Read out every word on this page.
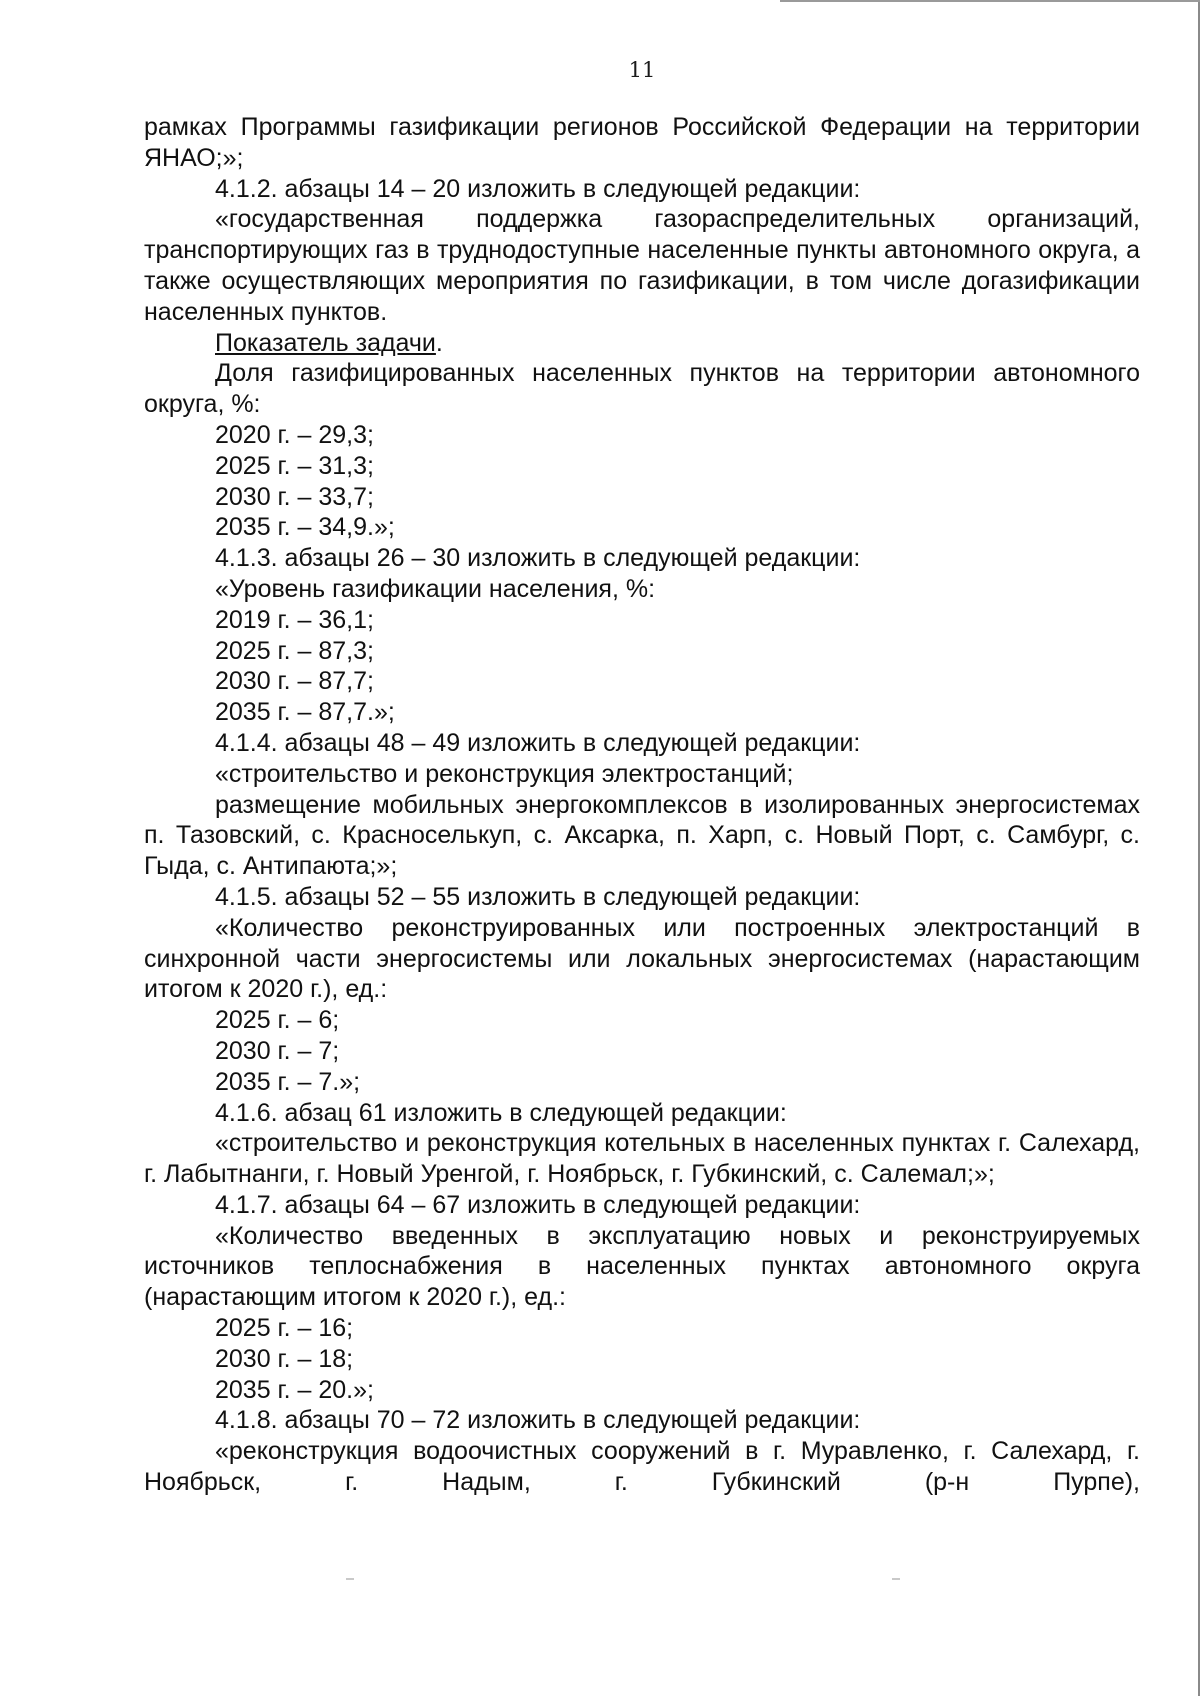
11

рамках Программы газификации регионов Российской Федерации на территории ЯНАО;»;

4.1.2. абзацы 14 – 20 изложить в следующей редакции:

«государственная поддержка газораспределительных организаций, транспортирующих газ в труднодоступные населенные пункты автономного округа, а также осуществляющих мероприятия по газификации, в том числе догазификации населенных пунктов.

Показатель задачи.

Доля газифицированных населенных пунктов на территории автономного округа, %:

2020 г. – 29,3;

2025 г. – 31,3;

2030 г. – 33,7;

2035 г. – 34,9.»;

4.1.3. абзацы 26 – 30 изложить в следующей редакции:

«Уровень газификации населения, %:

2019 г. – 36,1;

2025 г. – 87,3;

2030 г. – 87,7;

2035 г. – 87,7.»;

4.1.4. абзацы 48 – 49 изложить в следующей редакции:

«строительство и реконструкция электростанций;

размещение мобильных энергокомплексов в изолированных энергосистемах п. Тазовский, с. Красноселькуп, с. Аксарка, п. Харп, с. Новый Порт, с. Самбург, с. Гыда, с. Антипаюта;»;

4.1.5. абзацы 52 – 55 изложить в следующей редакции:

«Количество реконструированных или построенных электростанций в синхронной части энергосистемы или локальных энергосистемах (нарастающим итогом к 2020 г.), ед.:

2025 г. – 6;

2030 г. – 7;

2035 г. – 7.»;

4.1.6. абзац 61 изложить в следующей редакции:

«строительство и реконструкция котельных в населенных пунктах г. Салехард, г. Лабытнанги, г. Новый Уренгой, г. Ноябрьск, г. Губкинский, с. Салемал;»;

4.1.7. абзацы 64 – 67 изложить в следующей редакции:

«Количество введенных в эксплуатацию новых и реконструируемых источников теплоснабжения в населенных пунктах автономного округа (нарастающим итогом к 2020 г.), ед.:

2025 г. – 16;

2030 г. – 18;

2035 г. – 20.»;

4.1.8. абзацы 70 – 72 изложить в следующей редакции:

«реконструкция водоочистных сооружений в г. Муравленко, г. Салехард, г. Ноябрьск, г. Надым, г. Губкинский (р-н Пурпе),
